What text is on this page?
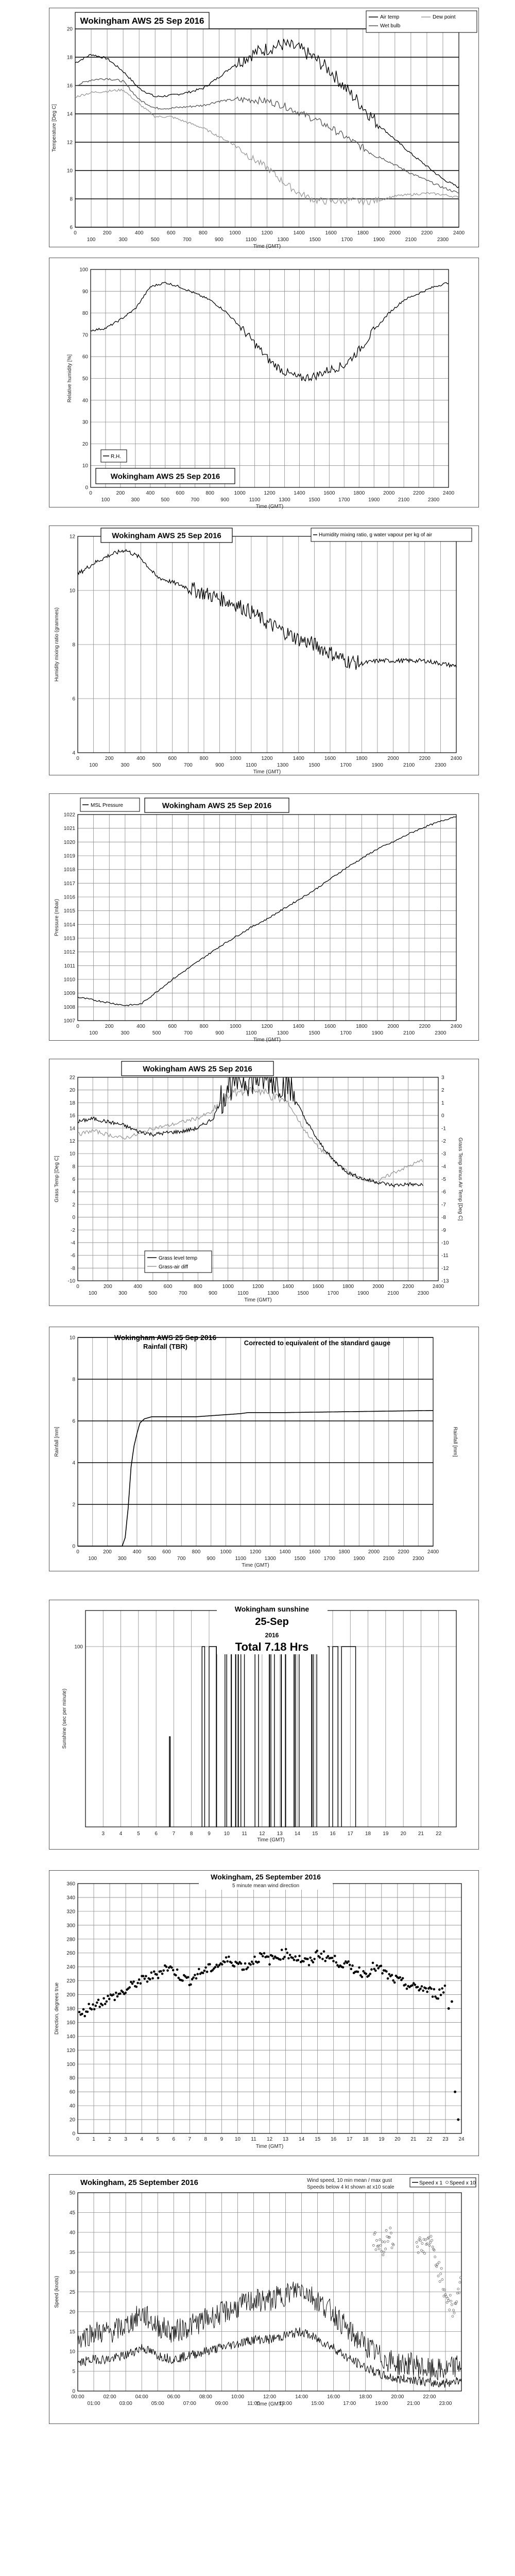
0
100
200
300
400
500
600
700
800
900
1000
1100
1200
1300
1400
1500
1600
1700
1800
1900
2000
2100
2200
2300
2400
6
8
10
12
14
16
18
20
Time (GMT)
Temperature [Deg C]
Wokingham AWS 25 Sep 2016	Air temp	Dew point
Wet bulb
0
100
200
300
400
500
600
700
800
900
1000
1100
1200
1300
1400
1500
1600
1700
1800
1900
2000
2100
2200
2300
2400
0
10
20
30
40
50
60
70
80
90
100
Time (GMT)
Relative humidity [%]
R.H.
Wokingham AWS 25 Sep 2016
0
100
200
300
400
500
600
700
800
900
1000
1100
1200
1300
1400
1500
1600
1700
1800
1900
2000
2100
2200
2300
2400
4
6
8
10
12
Time (GMT)
Humidity mixing ratio (grammes)
Wokingham AWS 25 Sep 2016	Humidity mixing ratio, g water vapour per kg of air
0
100
200
300
400
500
600
700
800
900
1000
1100
1200
1300
1400
1500
1600
1700
1800
1900
2000
2100
2200
2300
2400
1007
1008
1009
1010
1011
1012
1013
1014
1015
1016
1017
1018
1019
1020
1021
1022
Time (GMT)
Pressure (mbar)
MSL Pressure	Wokingham AWS 25 Sep 2016
0
100
200
300
400
500
600
700
800
900
1000
1100
1200
1300
1400
1500
1600
1700
1800
1900
2000
2100
2200
2300
2400
-10
-8
-6
-4
-2
0
2
4
6
8
10
12
14
16
18
20
22
Time (GMT)
Grass Temp [Deg C]
-13
-12
-11
-10
-9
-8
-7
-6
-5
-4
-3
-2
-1
0
1
2
3
Grass Temp minus Air Temp [Deg C]
Wokingham AWS 25 Sep 2016
Grass level temp
Grass-air diff
0
100
200
300
400
500
600
700
800
900
1000
1100
1200
1300
1400
1500
1600
1700
1800
1900
2000
2100
2200
2300
2400
0
2
4
6
8
10
Time (GMT)
Rainfall [mm]	Rainfall [mm]
Wokingham AWS 25 Sep 2016
Rainfall (TBR)	Corrected to equivalent of the standard gauge
100
Time (GMT)
Sunshine (sec per minute)
3	4	5	6	7	8	9	10 11 12 13 14 15 16 17 18 19 20 21 22
Wokingham sunshine
25-Sep
2016
Total 7.18 Hrs
0	1	2	3	4	5	6	7	8	9 10 11 12 13 14 15 16 17 18 19 20 21 22 23 24
0
20
40
60
80
100
120
140
160
180
200
220
240
260
280
300
320
340
360
Time (GMT)
Direction, degrees true
Wokingham, 25 September 2016
5 minute mean wind direction
0
5
10
15
20
25
30
35
40
45
50
Time (GMT)
Speed (knots)
00:00	02:00	04:00	06:00	08:00	10:00	12:00	14:00	16:00	18:00	20:00	22:00
01:00	03:00	05:00	07:00	09:00	11:00	13:00	15:00	17:00	19:00	21:00	23:00
Wokingham, 25 September 2016	Wind speed, 10 min mean / max gust
Speeds below 4 kt shown at x10 scale
Speed x 1 Speed x 10
